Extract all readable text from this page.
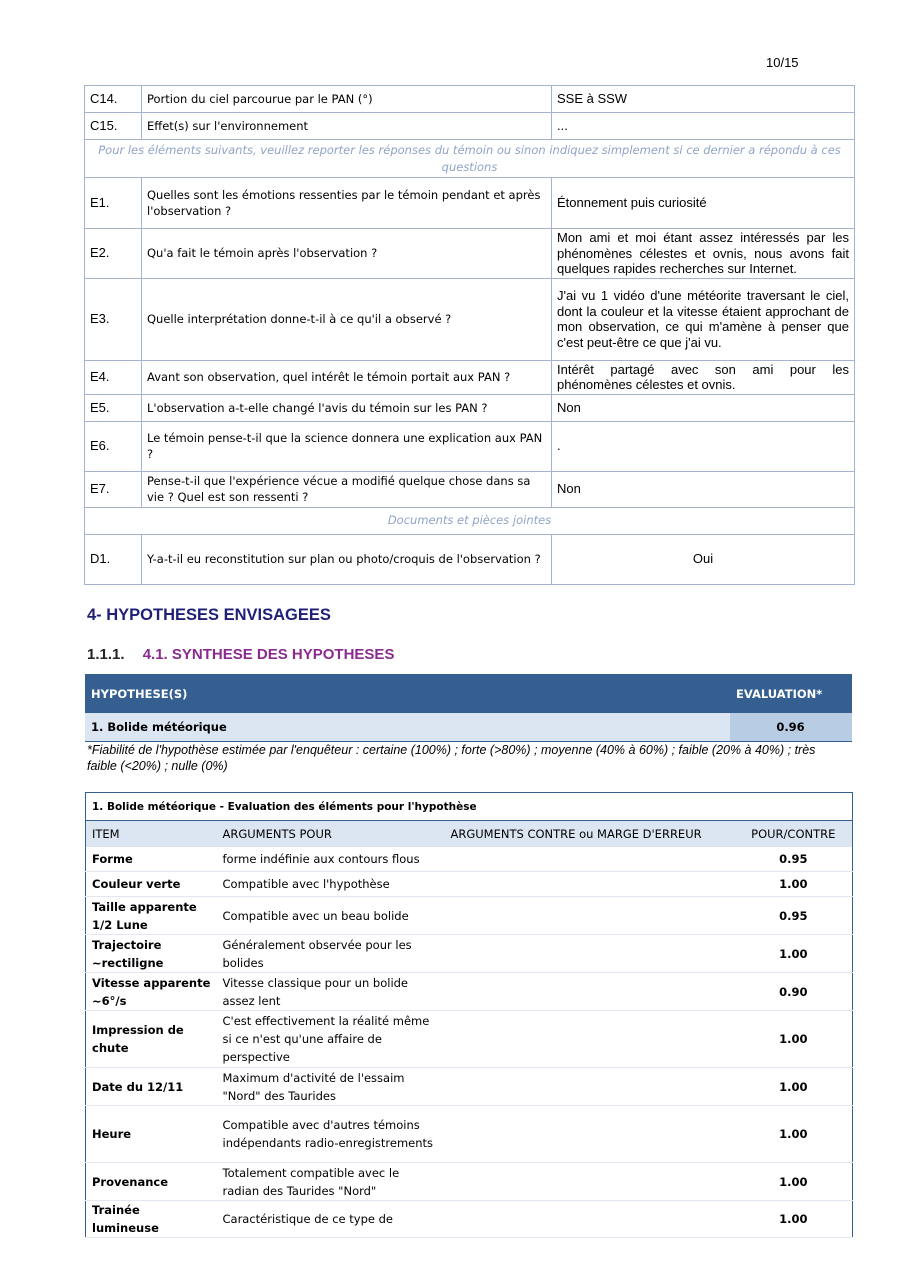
10/15
C14.	Portion du ciel parcourue par le PAN (°)	SSE à SSW
C15.	Effet(s) sur l'environnement	...
Pour les éléments suivants, veuillez reporter les réponses du témoin ou sinon indiquez simplement si ce dernier a répondu à ces questions		
E1.	Quelles sont les émotions ressenties par le témoin pendant et après l'observation ?	Étonnement puis curiosité
E2.	Qu'a fait le témoin après l'observation ?	Mon ami et moi étant assez intéressés par les phénomènes célestes et ovnis, nous avons fait quelques rapides recherches sur Internet.
E3.	Quelle interprétation donne-t-il à ce qu'il a observé ?	J'ai vu 1 vidéo d'une météorite traversant le ciel, dont la couleur et la vitesse étaient approchant de mon observation, ce qui m'amène à penser que c'est peut-être ce que j'ai vu.
E4.	Avant son observation, quel intérêt le témoin portait aux PAN ?	Intérêt partagé avec son ami pour les phénomènes célestes et ovnis.
E5.	L'observation a-t-elle changé l'avis du témoin sur les PAN ?	Non
E6.	Le témoin pense-t-il que la science donnera une explication aux PAN ?	.
E7.	Pense-t-il que l'expérience vécue a modifié quelque chose dans sa vie ? Quel est son ressenti ?	Non
Documents et pièces jointes		
D1.	Y-a-t-il eu reconstitution sur plan ou photo/croquis de l'observation ?	Oui
4- HYPOTHESES ENVISAGEES
1.1.1. 4.1. SYNTHESE DES HYPOTHESES
HYPOTHESE(S)	EVALUATION*
1. Bolide météorique	0.96
*Fiabilité de l'hypothèse estimée par l'enquêteur : certaine (100%) ; forte (>80%) ; moyenne (40% à 60%) ; faible (20% à 40%) ; très faible (<20%) ; nulle (0%)
1. Bolide météorique - Evaluation des éléments pour l'hypothèse			
ITEM	ARGUMENTS POUR	ARGUMENTS CONTRE ou MARGE D'ERREUR	POUR/CONTRE
Forme	forme indéfinie aux contours flous		0.95
Couleur verte	Compatible avec l'hypothèse		1.00
Taille apparente 1/2 Lune	Compatible avec un beau bolide		0.95
Trajectoire ~rectiligne	Généralement observée pour les bolides		1.00
Vitesse apparente ~6°/s	Vitesse classique pour un bolide assez lent		0.90
Impression de chute	C'est effectivement la réalité même si ce n'est qu'une affaire de perspective		1.00
Date du 12/11	Maximum d'activité de l'essaim "Nord" des Taurides		1.00
Heure	Compatible avec d'autres témoins indépendants radio-enregistrements		1.00
Provenance	Totalement compatible avec le radian des Taurides "Nord"		1.00
Trainée lumineuse	Caractéristique de ce type de		1.00
